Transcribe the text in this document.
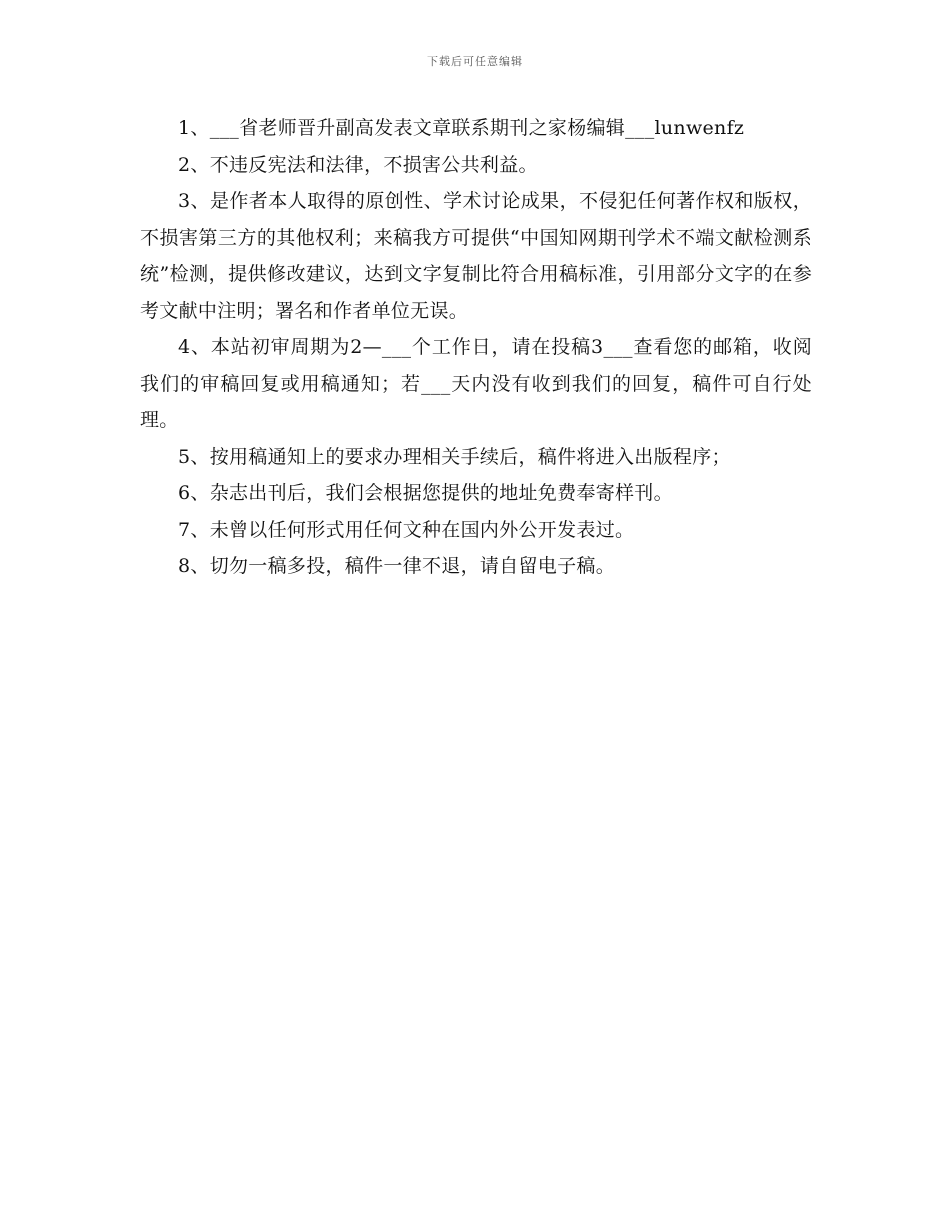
下载后可任意编辑

1、___省老师晋升副高发表文章联系期刊之家杨编辑___lunwenfz

2、不违反宪法和法律，不损害公共利益。

3、是作者本人取得的原创性、学术讨论成果，不侵犯任何著作权和版权，不损害第三方的其他权利；来稿我方可提供“中国知网期刊学术不端文献检测系统”检测，提供修改建议，达到文字复制比符合用稿标准，引用部分文字的在参考文献中注明；署名和作者单位无误。

4、本站初审周期为2—___个工作日，请在投稿3___查看您的邮箱，收阅我们的审稿回复或用稿通知；若___天内没有收到我们的回复，稿件可自行处理。

5、按用稿通知上的要求办理相关手续后，稿件将进入出版程序；

6、杂志出刊后，我们会根据您提供的地址免费奉寄样刊。

7、未曾以任何形式用任何文种在国内外公开发表过。

8、切勿一稿多投，稿件一律不退，请自留电子稿。
